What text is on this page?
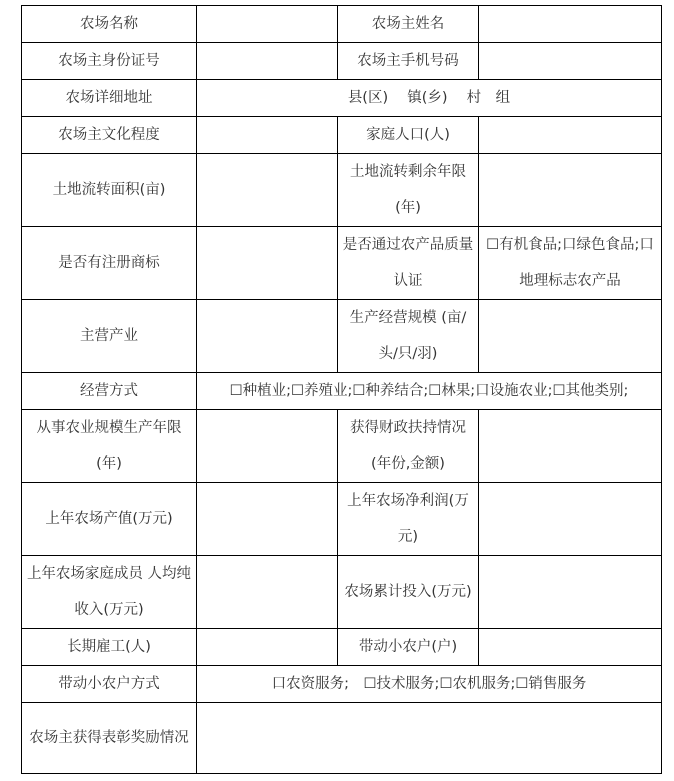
农场名称		农场主姓名	
农场主身份证号		农场主手机号码	
农场详细地址	县(区)　 镇(乡)　 村　组		
农场主文化程度		家庭人口(人)	
土地流转面积(亩)		土地流转剩余年限(年)	
是否有注册商标		是否通过农产品质量认证	☐有机食品;口绿色食品;口地理标志农产品
主营产业		生产经营规模 (亩/头/只/羽)	
经营方式	☐种植业;☐养殖业;☐种养结合;☐林果;口设施农业;☐其他类别;		
从事农业规模生产年限(年)		获得财政扶持情况(年份,金额)	
上年农场产值(万元)		上年农场净利润(万元)	
上年农场家庭成员 人均纯收入(万元)		农场累计投入(万元)	
长期雇工(人)		带动小农户(户)	
带动小农户方式	口农资服务;　☐技术服务;☐农机服务;☐销售服务		
农场主获得表彰奖励情况			
